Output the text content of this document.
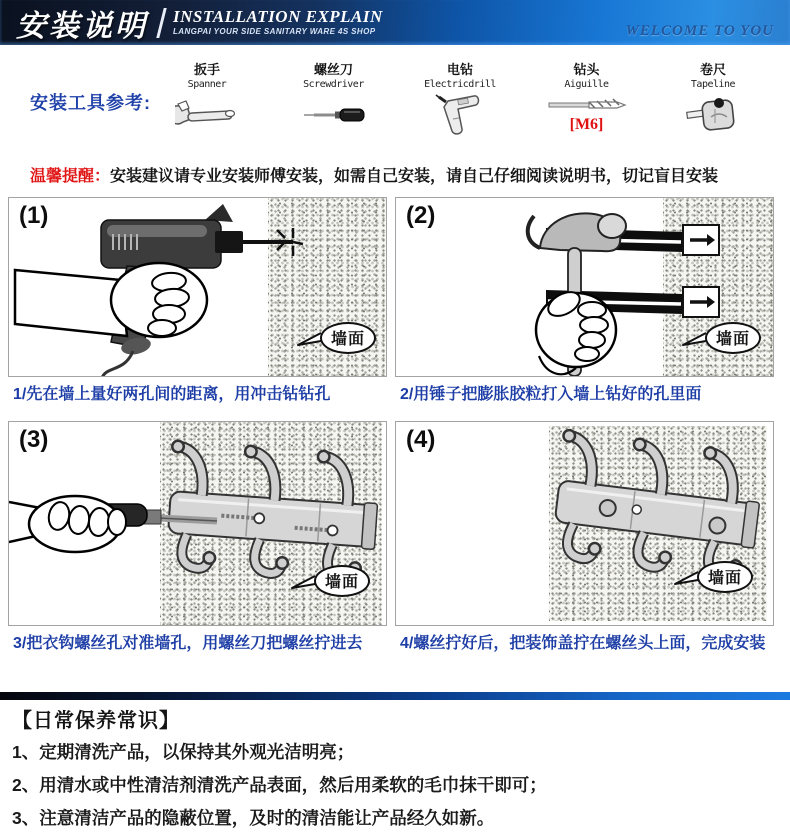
安装说明 INSTALLATION EXPLAIN
LANGPAI YOUR SIDE SANITARY WARE 4S SHOP	WELCOME TO YOU
安装工具参考:
扳手
Spanner
螺丝刀
Screwdriver
电钻
Electricdrill
钻头
Aiguille
[M6]
卷尺
Tapeline
温馨提醒：安装建议请专业安装师傅安装，如需自己安装，请自己仔细阅读说明书，切记盲目安装
(1)
墙面
1/先在墙上量好两孔间的距离，用冲击钻钻孔
(2)
墙面
2/用锤子把膨胀胶粒打入墙上钻好的孔里面
(3)
墙面
3/把衣钩螺丝孔对准墙孔，用螺丝刀把螺丝拧进去
(4)
墙面
4/螺丝拧好后，把装饰盖拧在螺丝头上面，完成安装
【日常保养常识】
1、定期清洗产品，以保持其外观光洁明亮；
2、用清水或中性清洁剂清洗产品表面，然后用柔软的毛巾抹干即可；
3、注意清洁产品的隐蔽位置，及时的清洁能让产品经久如新。
